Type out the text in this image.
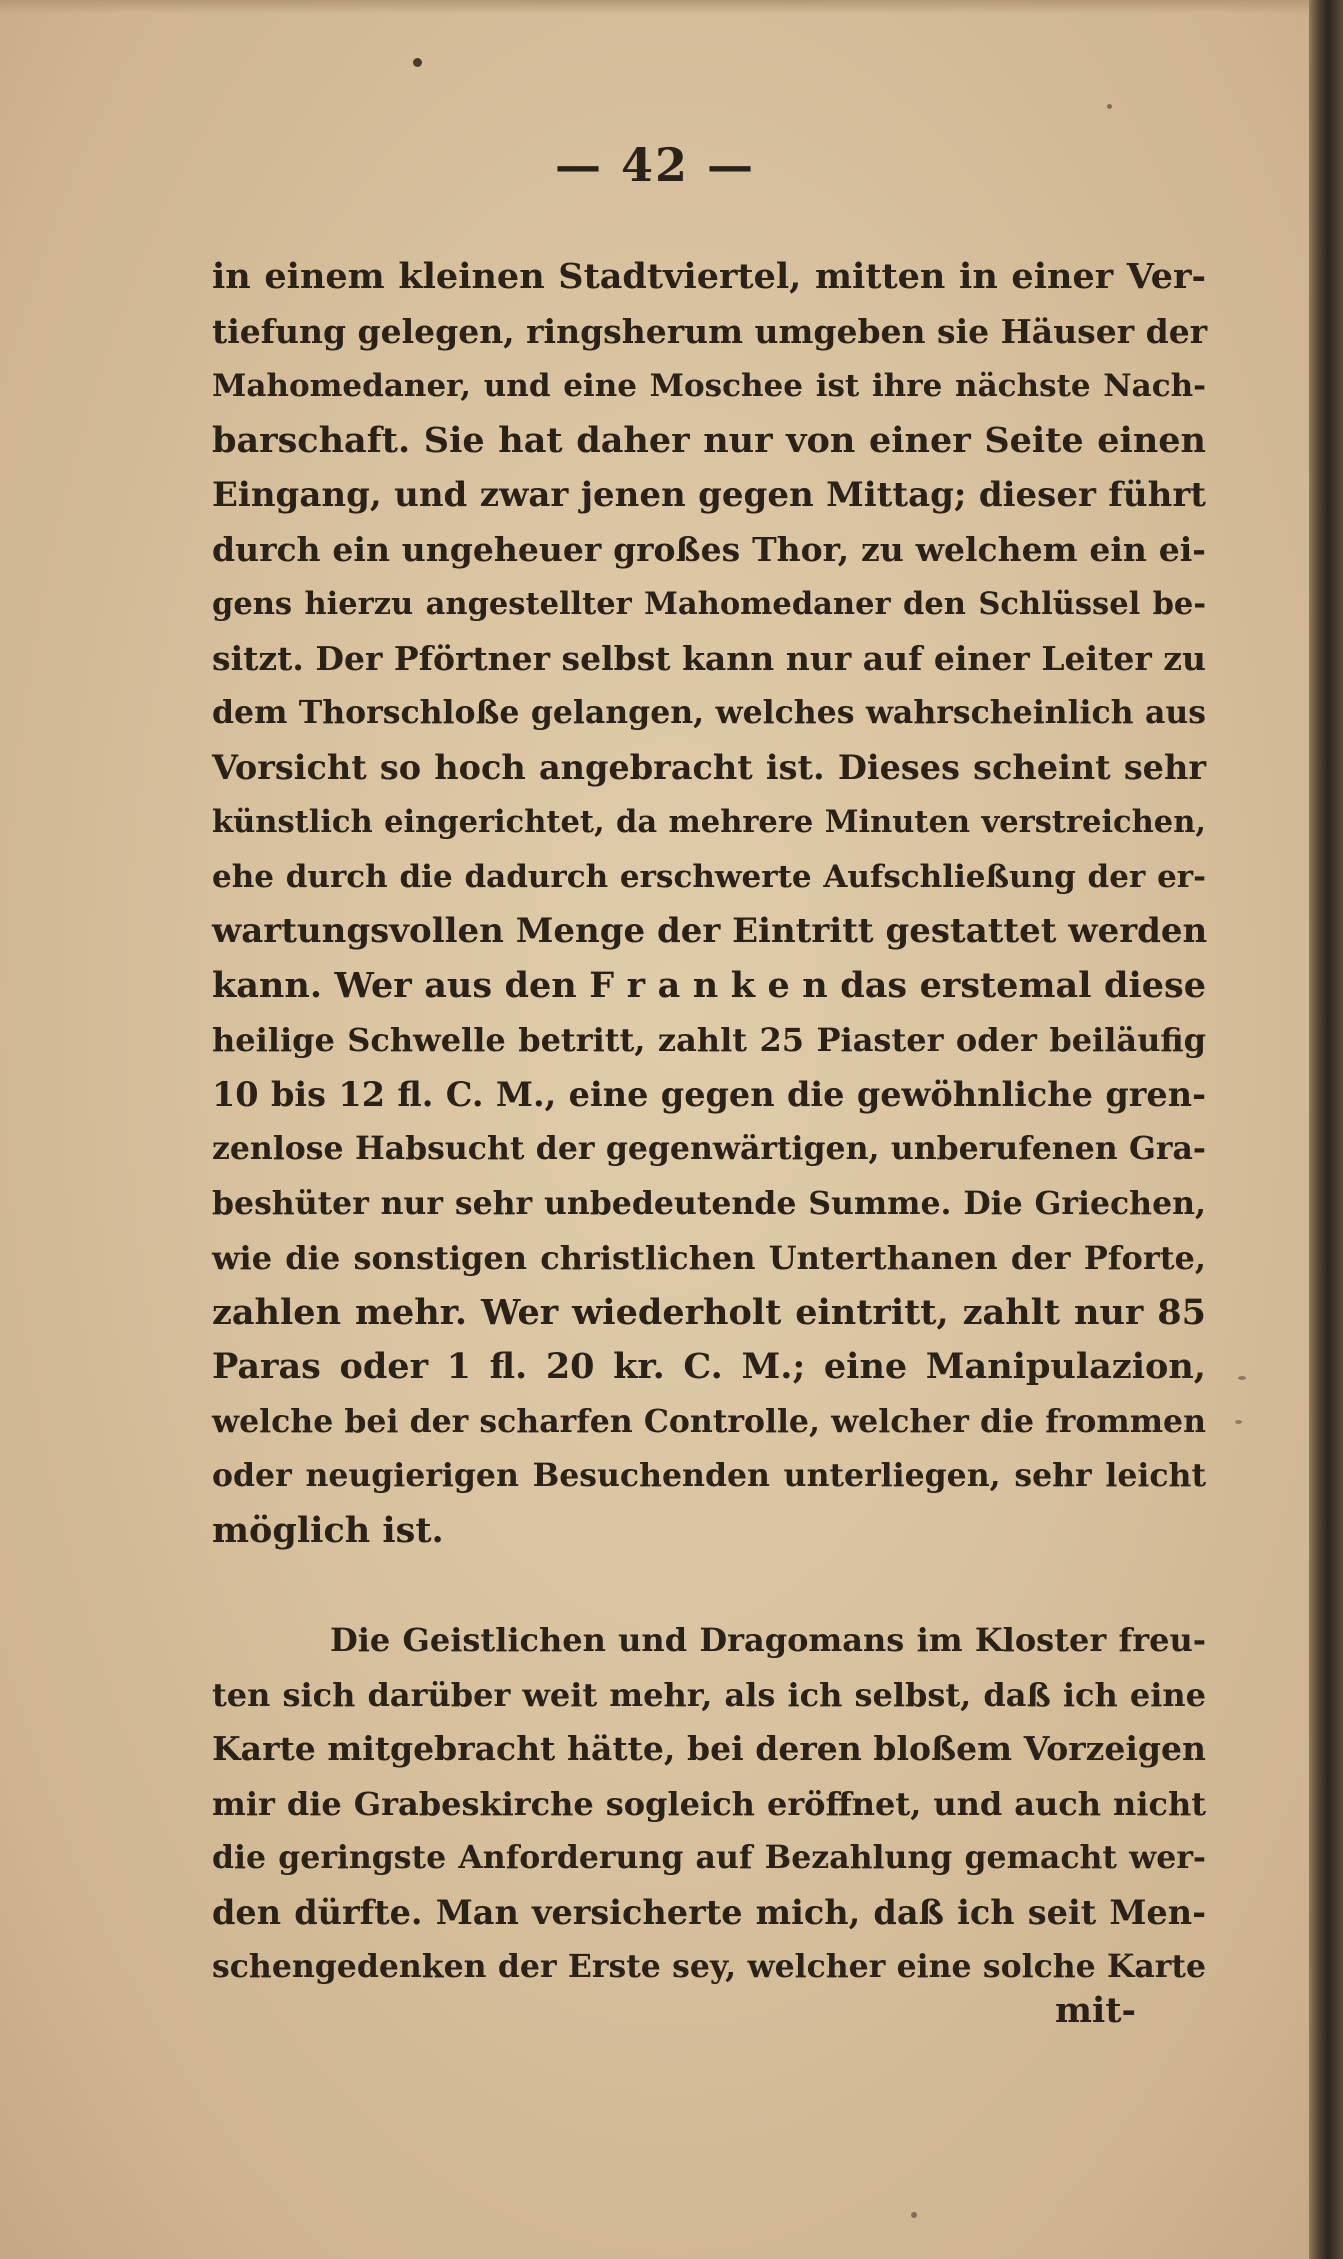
— 42 —
in einem kleinen Stadtviertel, mitten in einer Ver-
tiefung gelegen, ringsherum umgeben sie Häuser der
Mahomedaner, und eine Moschee ist ihre nächste Nach-
barschaft. Sie hat daher nur von einer Seite einen
Eingang, und zwar jenen gegen Mittag; dieser führt
durch ein ungeheuer großes Thor, zu welchem ein ei-
gens hierzu angestellter Mahomedaner den Schlüssel be-
sitzt. Der Pförtner selbst kann nur auf einer Leiter zu
dem Thorschloße gelangen, welches wahrscheinlich aus
Vorsicht so hoch angebracht ist. Dieses scheint sehr
künstlich eingerichtet, da mehrere Minuten verstreichen,
ehe durch die dadurch erschwerte Aufschließung der er-
wartungsvollen Menge der Eintritt gestattet werden
kann. Wer aus den F r a n k e n das erstemal diese
heilige Schwelle betritt, zahlt 25 Piaster oder beiläufig
10 bis 12 fl. C. M., eine gegen die gewöhnliche gren-
zenlose Habsucht der gegenwärtigen, unberufenen Gra-
beshüter nur sehr unbedeutende Summe. Die Griechen,
wie die sonstigen christlichen Unterthanen der Pforte,
zahlen mehr. Wer wiederholt eintritt, zahlt nur 85
Paras oder 1 fl. 20 kr. C. M.; eine Manipulazion,
welche bei der scharfen Controlle, welcher die frommen
oder neugierigen Besuchenden unterliegen, sehr leicht
möglich ist.
Die Geistlichen und Dragomans im Kloster freu-
ten sich darüber weit mehr, als ich selbst, daß ich eine
Karte mitgebracht hätte, bei deren bloßem Vorzeigen
mir die Grabeskirche sogleich eröffnet, und auch nicht
die geringste Anforderung auf Bezahlung gemacht wer-
den dürfte. Man versicherte mich, daß ich seit Men-
schengedenken der Erste sey, welcher eine solche Karte
mit-
